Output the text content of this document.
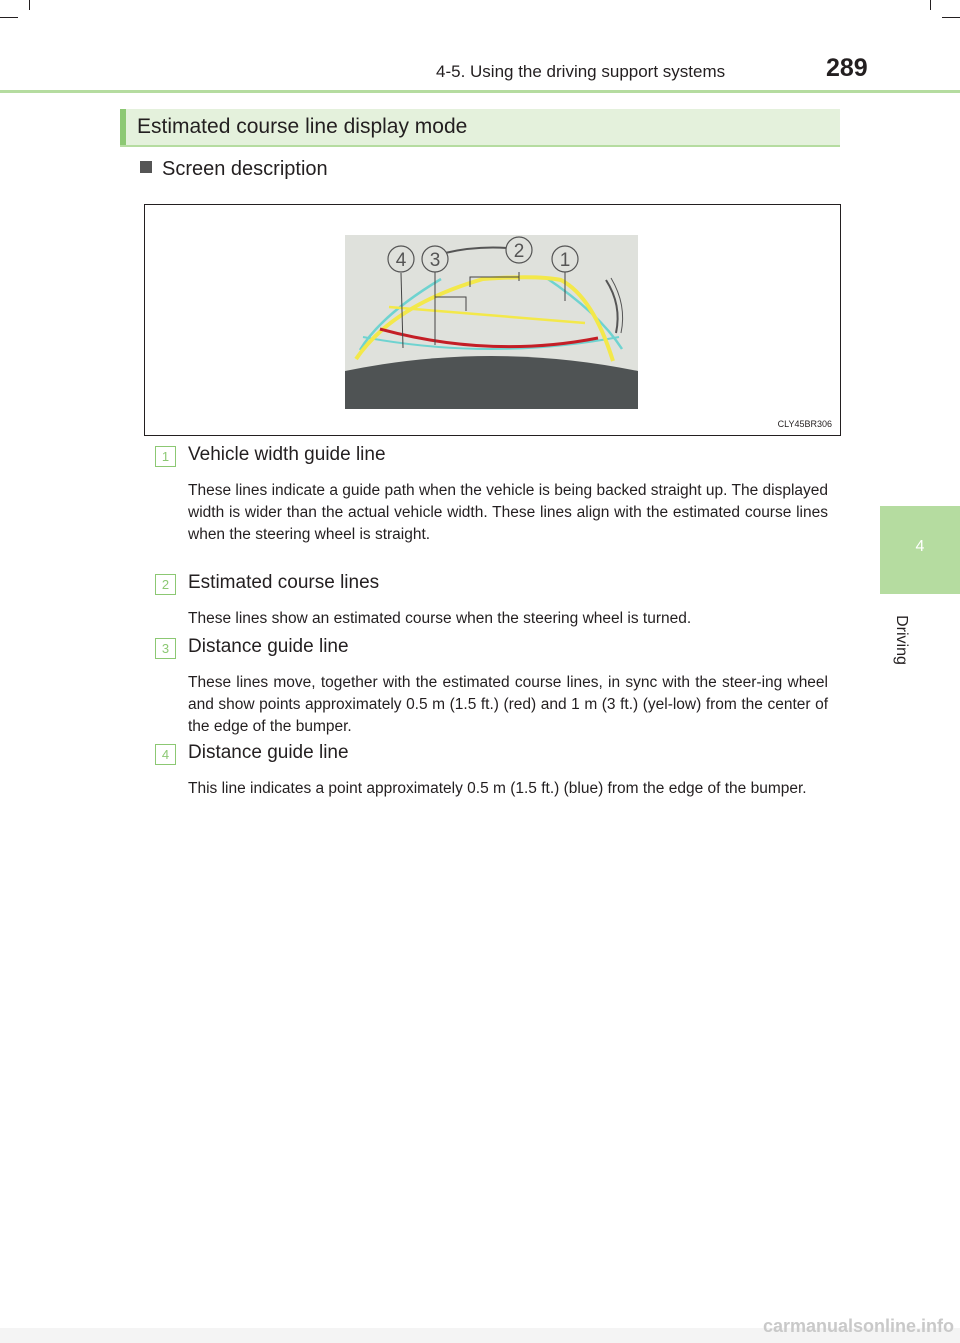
4-5. Using the driving support systems	289
4
Driving
Estimated course line display mode
Screen description
4 3	2 1
CLY45BR306
1 Vehicle width guide line
These lines indicate a guide path when the vehicle is being backed straight up. The displayed width is wider than the actual vehicle width. These lines align with the estimated course lines when the steering wheel is straight.
2 Estimated course lines
These lines show an estimated course when the steering wheel is turned.
3 Distance guide line
These lines move, together with the estimated course lines, in sync with the steer-ing wheel and show points approximately 0.5 m (1.5 ft.) (red) and 1 m (3 ft.) (yel-low) from the center of the edge of the bumper.
4 Distance guide line
This line indicates a point approximately 0.5 m (1.5 ft.) (blue) from the edge of the bumper.
carmanualsonline.info
